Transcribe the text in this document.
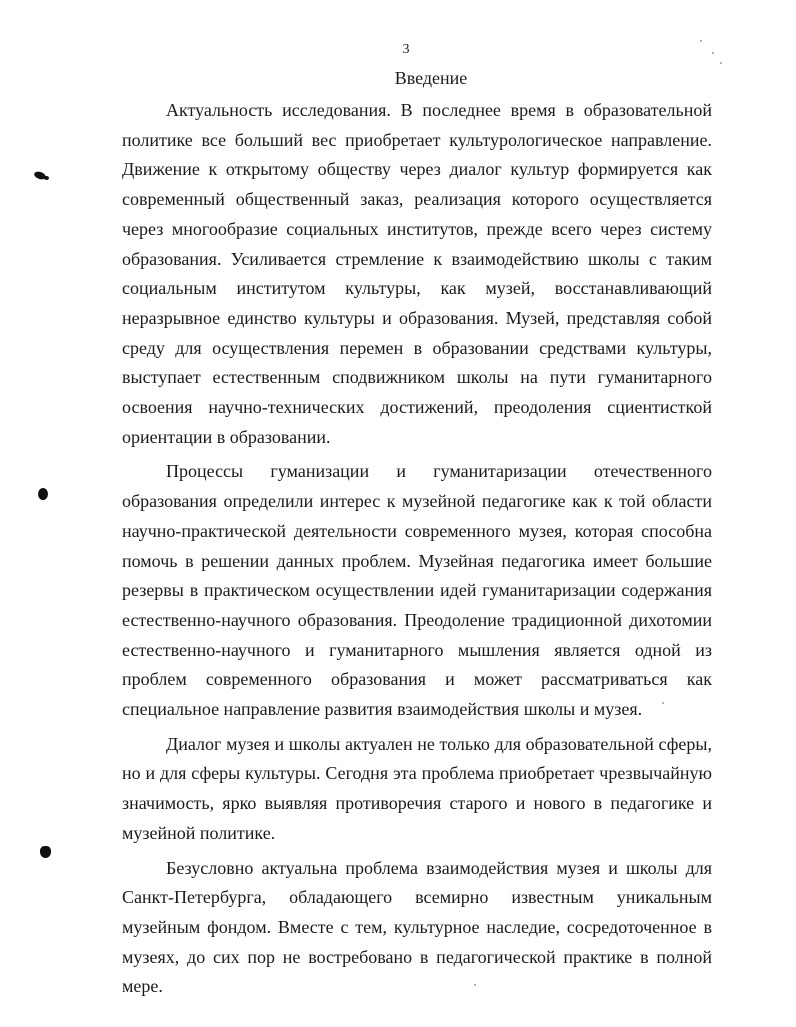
3
Введение

Актуальность исследования. В последнее время в образовательной политике все больший вес приобретает культурологическое направление. Движение к открытому обществу через диалог культур формируется как современный общественный заказ, реализация которого осуществляется через многообразие социальных институтов, прежде всего через систему образования. Усиливается стремление к взаимодействию школы с таким социальным институтом культуры, как музей, восстанавливающий неразрывное единство культуры и образования. Музей, представляя собой среду для осуществления перемен в образовании средствами культуры, выступает естественным сподвижником школы на пути гуманитарного освоения научно-технических достижений, преодоления сциентисткой ориентации в образовании.

Процессы гуманизации и гуманитаризации отечественного образования определили интерес к музейной педагогике как к той области научно-практической деятельности современного музея, которая способна помочь в решении данных проблем. Музейная педагогика имеет большие резервы в практическом осуществлении идей гуманитаризации содержания естественно-научного образования. Преодоление традиционной дихотомии естественно-научного и гуманитарного мышления является одной из проблем современного образования и может рассматриваться как специальное направление развития взаимодействия школы и музея.

Диалог музея и школы актуален не только для образовательной сферы, но и для сферы культуры. Сегодня эта проблема приобретает чрезвычайную значимость, ярко выявляя противоречия старого и нового в педагогике и музейной политике.

Безусловно актуальна проблема взаимодействия музея и школы для Санкт-Петербурга, обладающего всемирно известным уникальным музейным фондом. Вместе с тем, культурное наследие, сосредоточенное в музеях, до сих пор не востребовано в педагогической практике в полной мере.
